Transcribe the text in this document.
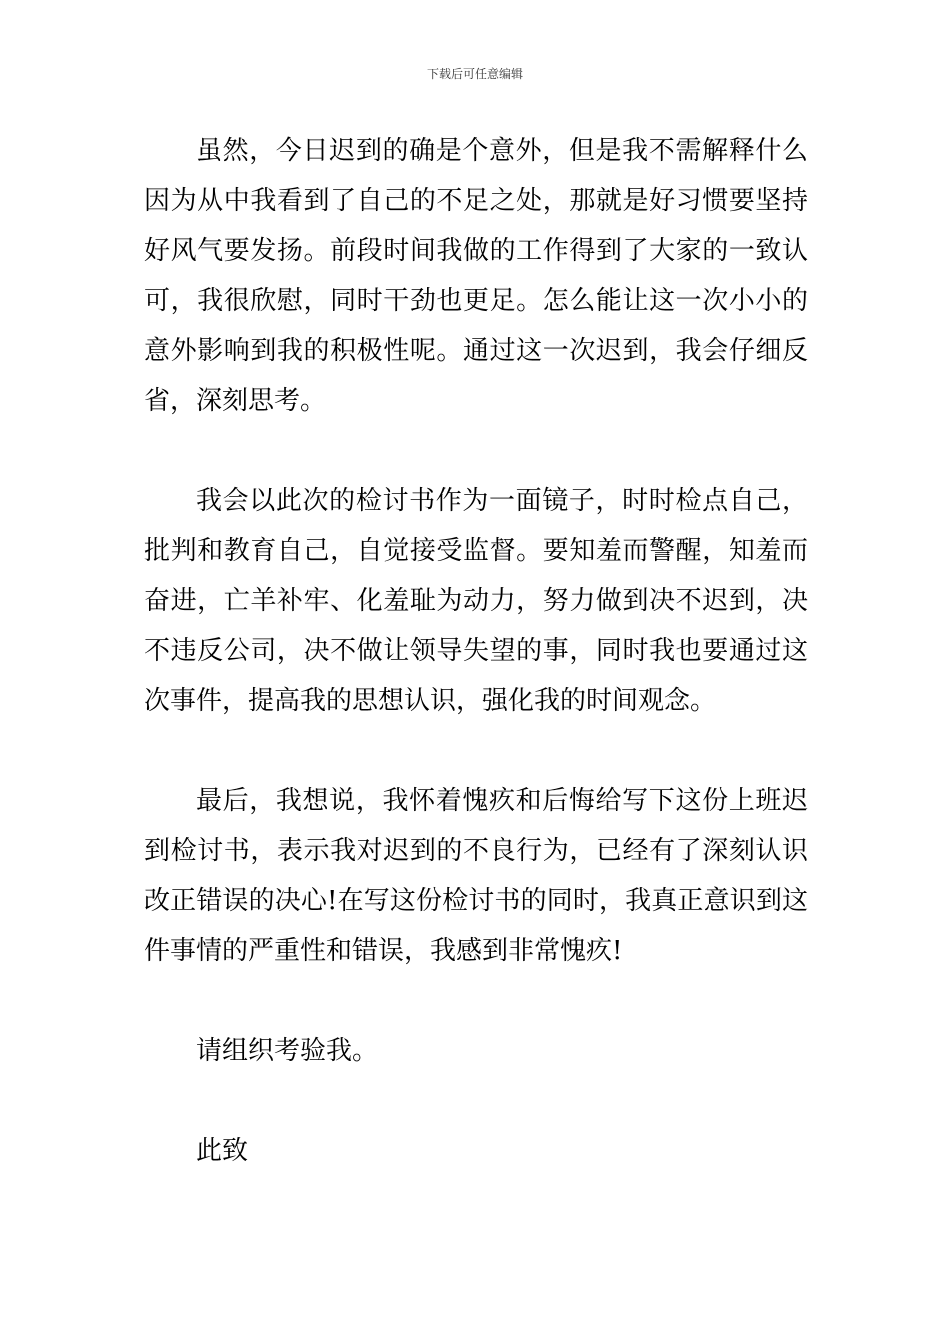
下载后可任意编辑

虽然，今日迟到的确是个意外，但是我不需解释什么因为从中我看到了自己的不足之处，那就是好习惯要坚持好风气要发扬。前段时间我做的工作得到了大家的一致认可，我很欣慰，同时干劲也更足。怎么能让这一次小小的意外影响到我的积极性呢。通过这一次迟到，我会仔细反省，深刻思考。

我会以此次的检讨书作为一面镜子，时时检点自己，批判和教育自己，自觉接受监督。要知羞而警醒，知羞而奋进，亡羊补牢、化羞耻为动力，努力做到决不迟到，决不违反公司，决不做让领导失望的事，同时我也要通过这次事件，提高我的思想认识，强化我的时间观念。

最后，我想说，我怀着愧疚和后悔给写下这份上班迟到检讨书，表示我对迟到的不良行为，已经有了深刻认识改正错误的决心!在写这份检讨书的同时，我真正意识到这件事情的严重性和错误，我感到非常愧疚!

请组织考验我。

此致
